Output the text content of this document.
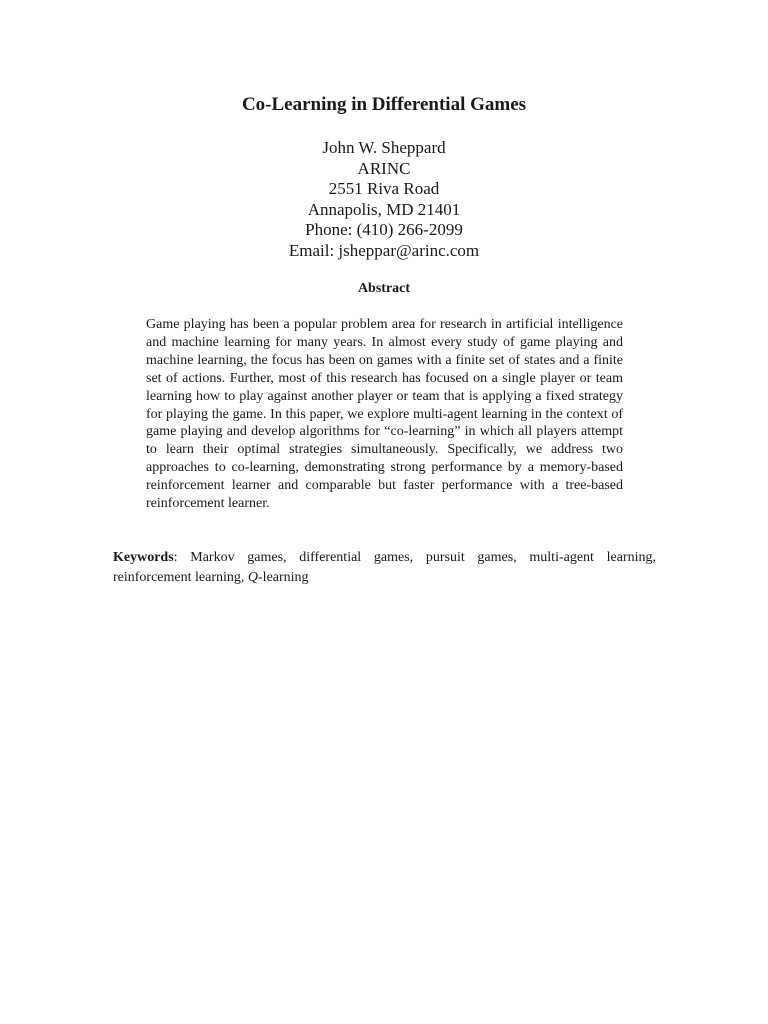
Co-Learning in Differential Games
John W. Sheppard
ARINC
2551 Riva Road
Annapolis, MD 21401
Phone: (410) 266-2099
Email: jsheppar@arinc.com
Abstract

Game playing has been a popular problem area for research in artificial intelligence and machine learning for many years. In almost every study of game playing and machine learning, the focus has been on games with a finite set of states and a finite set of actions. Further, most of this research has focused on a single player or team learning how to play against another player or team that is applying a fixed strategy for playing the game. In this paper, we explore multi-agent learning in the context of game playing and develop algorithms for “co-learning” in which all players attempt to learn their optimal strategies simultaneously. Specifically, we address two approaches to co-learning, demonstrating strong performance by a memory-based reinforcement learner and comparable but faster performance with a tree-based reinforcement learner.

Keywords: Markov games, differential games, pursuit games, multi-agent learning, reinforcement learning, Q-learning
